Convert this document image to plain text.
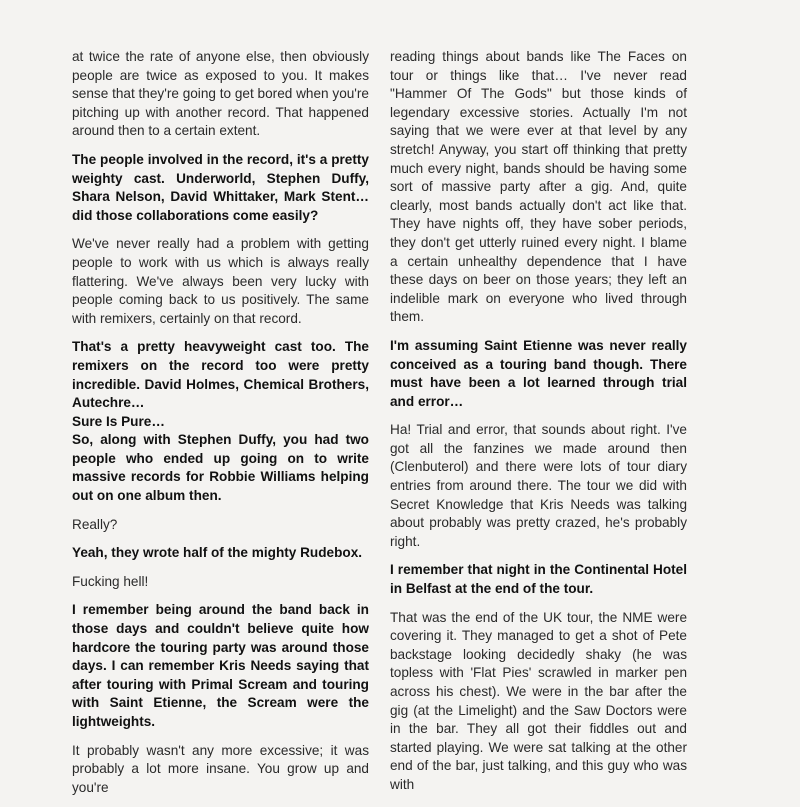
at twice the rate of anyone else, then obviously people are twice as exposed to you. It makes sense that they're going to get bored when you're pitching up with another record. That happened around then to a certain extent.

The people involved in the record, it's a pretty weighty cast. Underworld, Stephen Duffy, Shara Nelson, David Whittaker, Mark Stent… did those collaborations come easily?

We've never really had a problem with getting people to work with us which is always really flattering. We've always been very lucky with people coming back to us positively. The same with remixers, certainly on that record.

That's a pretty heavyweight cast too. The remixers on the record too were pretty incredible. David Holmes, Chemical Brothers, Autechre…

Sure Is Pure…

So, along with Stephen Duffy, you had two people who ended up going on to write massive records for Robbie Williams helping out on one album then.

Really?

Yeah, they wrote half of the mighty Rudebox.

Fucking hell!

I remember being around the band back in those days and couldn't believe quite how hardcore the touring party was around those days. I can remember Kris Needs saying that after touring with Primal Scream and touring with Saint Etienne, the Scream were the lightweights.

It probably wasn't any more excessive; it was probably a lot more insane. You grow up and you're

reading things about bands like The Faces on tour or things like that… I've never read "Hammer Of The Gods" but those kinds of legendary excessive stories. Actually I'm not saying that we were ever at that level by any stretch! Anyway, you start off thinking that pretty much every night, bands should be having some sort of massive party after a gig. And, quite clearly, most bands actually don't act like that. They have nights off, they have sober periods, they don't get utterly ruined every night. I blame a certain unhealthy dependence that I have these days on beer on those years; they left an indelible mark on everyone who lived through them.

I'm assuming Saint Etienne was never really conceived as a touring band though. There must have been a lot learned through trial and error…

Ha! Trial and error, that sounds about right. I've got all the fanzines we made around then (Clenbuterol) and there were lots of tour diary entries from around there. The tour we did with Secret Knowledge that Kris Needs was talking about probably was pretty crazed, he's probably right.

I remember that night in the Continental Hotel in Belfast at the end of the tour.

That was the end of the UK tour, the NME were covering it. They managed to get a shot of Pete backstage looking decidedly shaky (he was topless with 'Flat Pies' scrawled in marker pen across his chest). We were in the bar after the gig (at the Limelight) and the Saw Doctors were in the bar. They all got their fiddles out and started playing. We were sat talking at the other end of the bar, just talking, and this guy who was with
